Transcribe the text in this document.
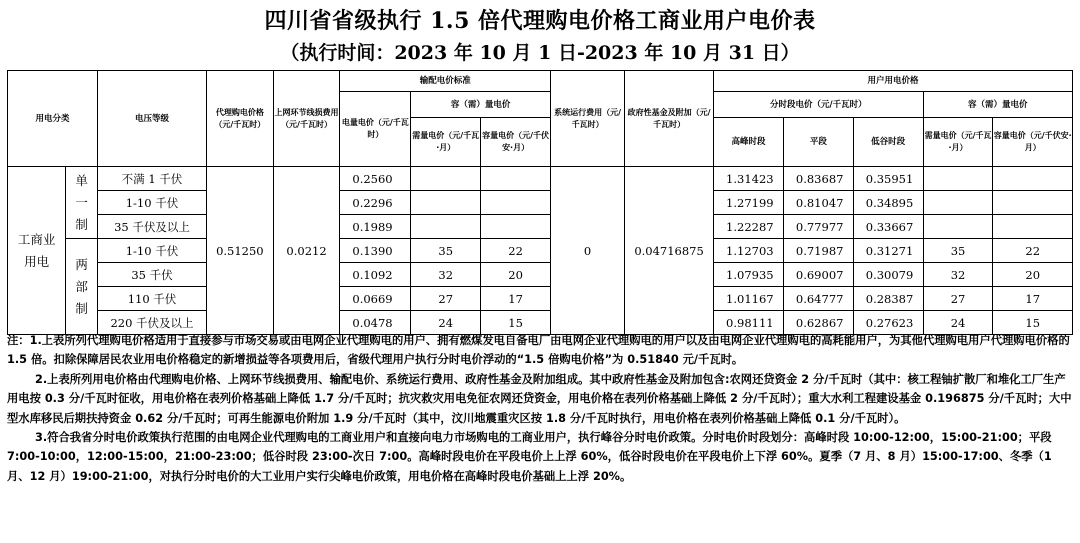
四川省省级执行 1.5 倍代理购电价格工商业用户电价表
（执行时间：2023 年 10 月 1 日-2023 年 10 月 31 日）
用电分类		电压等级	代理购电价格（元/千瓦时）	上网环节线损费用（元/千瓦时）	输配电价标准			系统运行费用（元/千瓦时）	政府性基金及附加（元/千瓦时）	用户用电价格				
					电量电价（元/千瓦时）	容（需）量电价				分时段电价（元/千瓦时）			容（需）量电价	
						需量电价（元/千瓦·月）	容量电价（元/千伏安·月）			高峰时段	平段	低谷时段	需量电价（元/千瓦·月）	容量电价（元/千伏安·月）
工商业用电	单一制	不满 1 千伏	0.51250	0.0212	0.2560			0	0.04716875	1.31423	0.83687	0.35951		
		1-10 千伏			0.2296					1.27199	0.81047	0.34895		
		35 千伏及以上			0.1989					1.22287	0.77977	0.33667		
	两部制	1-10 千伏			0.1390	35	22			1.12703	0.71987	0.31271	35	22
		35 千伏			0.1092	32	20			1.07935	0.69007	0.30079	32	20
		110 千伏			0.0669	27	17			1.01167	0.64777	0.28387	27	17
		220 千伏及以上			0.0478	24	15			0.98111	0.62867	0.27623	24	15

注：1.上表所列代理购电价格适用于直接参与市场交易或由电网企业代理购电的用户、拥有燃煤发电自备电厂由电网企业代理购电的用户以及由电网企业代理购电的高耗能用户，为其他代理购电用户代理购电价格的 1.5 倍。扣除保障居民农业用电价格稳定的新增损益等各项费用后，省级代理用户执行分时电价浮动的“1.5 倍购电价格”为 0.51840 元/千瓦时。

2.上表所列用电价格由代理购电价格、上网环节线损费用、输配电价、系统运行费用、政府性基金及附加组成。其中政府性基金及附加包含:农网还贷资金 2 分/千瓦时（其中：核工程铀扩散厂和堆化工厂生产用电按 0.3 分/千瓦时征收，用电价格在表列价格基础上降低 1.7 分/千瓦时；抗灾救灾用电免征农网还贷资金，用电价格在表列价格基础上降低 2 分/千瓦时）；重大水利工程建设基金 0.196875 分/千瓦时；大中型水库移民后期扶持资金 0.62 分/千瓦时；可再生能源电价附加 1.9 分/千瓦时（其中，汶川地震重灾区按 1.8 分/千瓦时执行，用电价格在表列价格基础上降低 0.1 分/千瓦时）。

3.符合我省分时电价政策执行范围的由电网企业代理购电的工商业用户和直接向电力市场购电的工商业用户，执行峰谷分时电价政策。分时电价时段划分：高峰时段 10:00-12:00，15:00-21:00；平段 7:00-10:00，12:00-15:00，21:00-23:00；低谷时段 23:00-次日 7:00。高峰时段电价在平段电价上上浮 60%，低谷时段电价在平段电价上下浮 60%。夏季（7 月、8 月）15:00-17:00、冬季（1 月、12 月）19:00-21:00，对执行分时电价的大工业用户实行尖峰电价政策，用电价格在高峰时段电价基础上上浮 20%。
